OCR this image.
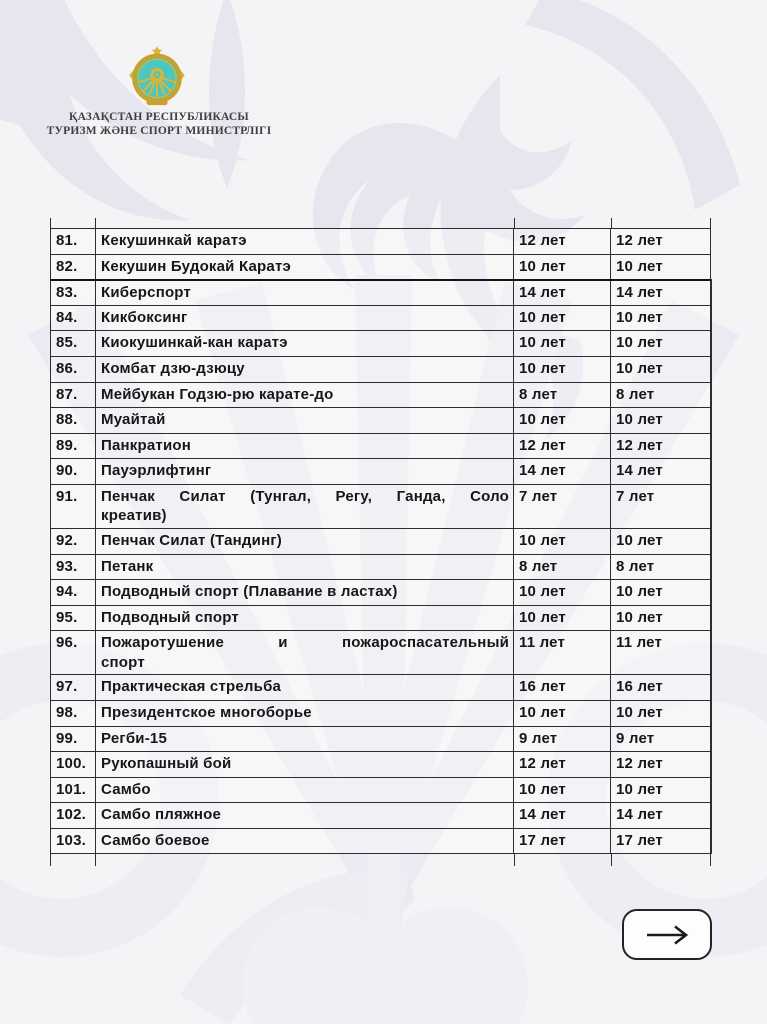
ҚАЗАҚСТАН РЕСПУБЛИКАСЫ
ТУРИЗМ ЖӘНЕ СПОРТ МИНИСТРЛІГІ
81.	Кекушинкай каратэ	12 лет	12 лет
82.	Кекушин Будокай Каратэ	10 лет	10 лет
83.	Киберспорт	14 лет	14 лет
84.	Кикбоксинг	10 лет	10 лет
85.	Киокушинкай-кан каратэ	10 лет	10 лет
86.	Комбат дзю-дзюцу	10 лет	10 лет
87.	Мейбукан Годзю-рю карате-до	8 лет	8 лет
88.	Муайтай	10 лет	10 лет
89.	Панкратион	12 лет	12 лет
90.	Пауэрлифтинг	14 лет	14 лет
91.	Пенчак Силат (Тунгал, Регу, Ганда, Соло
креатив)	7 лет	7 лет
92.	Пенчак Силат (Тандинг)	10 лет	10 лет
93.	Петанк	8 лет	8 лет
94.	Подводный спорт (Плавание в ластах)	10 лет	10 лет
95.	Подводный спорт	10 лет	10 лет
96.	Пожаротушение и пожароспасательный
спорт	11 лет	11 лет
97.	Практическая стрельба	16 лет	16 лет
98.	Президентское многоборье	10 лет	10 лет
99.	Регби-15	9 лет	9 лет
100.	Рукопашный бой	12 лет	12 лет
101.	Самбо	10 лет	10 лет
102.	Самбо пляжное	14 лет	14 лет
103.	Самбо боевое	17 лет	17 лет
